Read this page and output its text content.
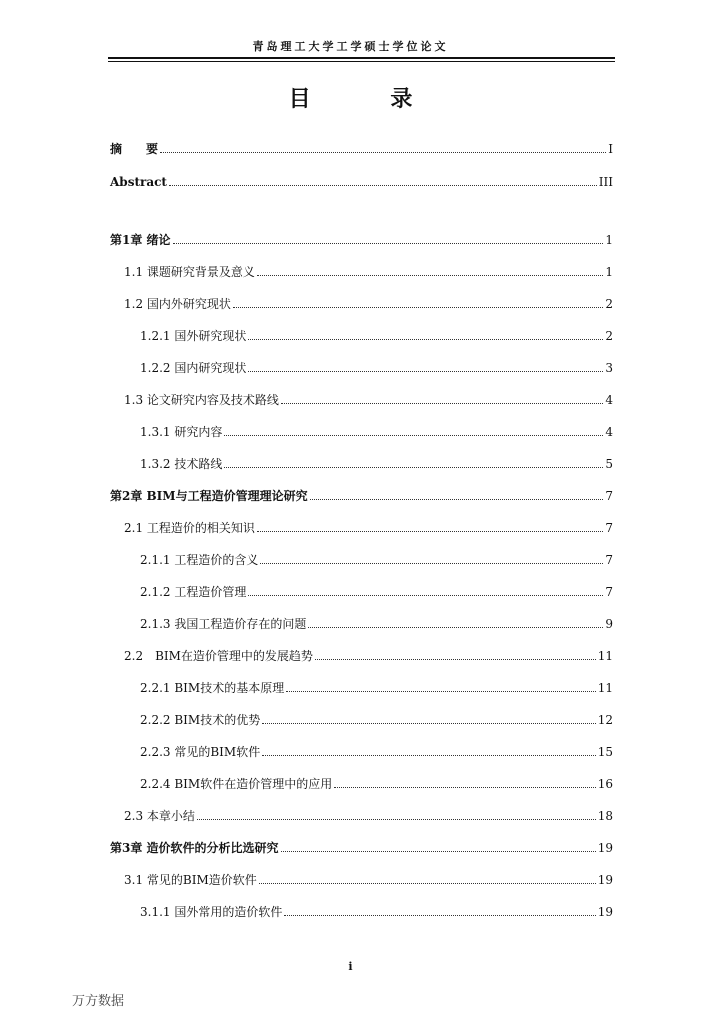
青岛理工大学工学硕士学位论文
目 录
摘　　要	I
Abstract	III
第1章 绪论	1
1.1 课题研究背景及意义	1
1.2 国内外研究现状	2
1.2.1 国外研究现状	2
1.2.2 国内研究现状	3
1.3 论文研究内容及技术路线	4
1.3.1 研究内容	4
1.3.2 技术路线	5
第2章 BIM与工程造价管理理论研究	7
2.1 工程造价的相关知识	7
2.1.1 工程造价的含义	7
2.1.2 工程造价管理	7
2.1.3 我国工程造价存在的问题	9
2.2　BIM在造价管理中的发展趋势	11
2.2.1 BIM技术的基本原理	11
2.2.2 BIM技术的优势	12
2.2.3 常见的BIM软件	15
2.2.4 BIM软件在造价管理中的应用	16
2.3 本章小结	18
第3章 造价软件的分析比选研究	19
3.1 常见的BIM造价软件	19
3.1.1 国外常用的造价软件	19
i
万方数据
